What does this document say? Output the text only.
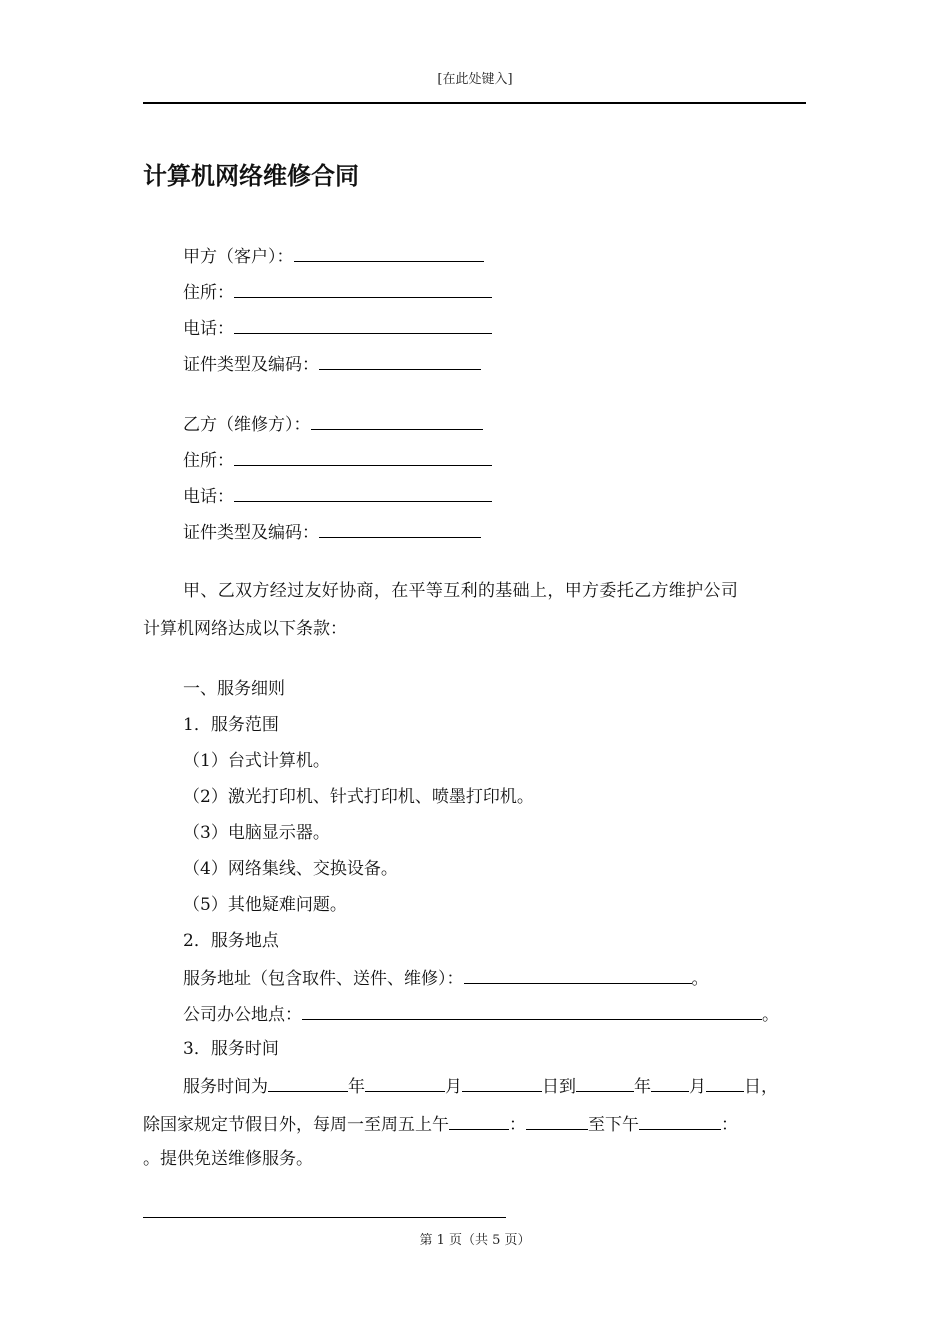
[在此处键入]
计算机网络维修合同
甲方（客户）：
住所：
电话：
证件类型及编码：
乙方（维修方）：
住所：
电话：
证件类型及编码：
甲、乙双方经过友好协商，在平等互利的基础上，甲方委托乙方维护公司
计算机网络达成以下条款：
一、服务细则
1．服务范围
（1）台式计算机。
（2）激光打印机、针式打印机、喷墨打印机。
（3）电脑显示器。
（4）网络集线、交换设备。
（5）其他疑难问题。
2．服务地点
服务地址（包含取件、送件、维修）：	。
公司办公地点：	。
3．服务时间
服务时间为	年	月	日到	年 月 日，
除国家规定节假日外，每周一至周五上午	：	至下午	：
。提供免送维修服务。
第 1 页（共 5 页）
